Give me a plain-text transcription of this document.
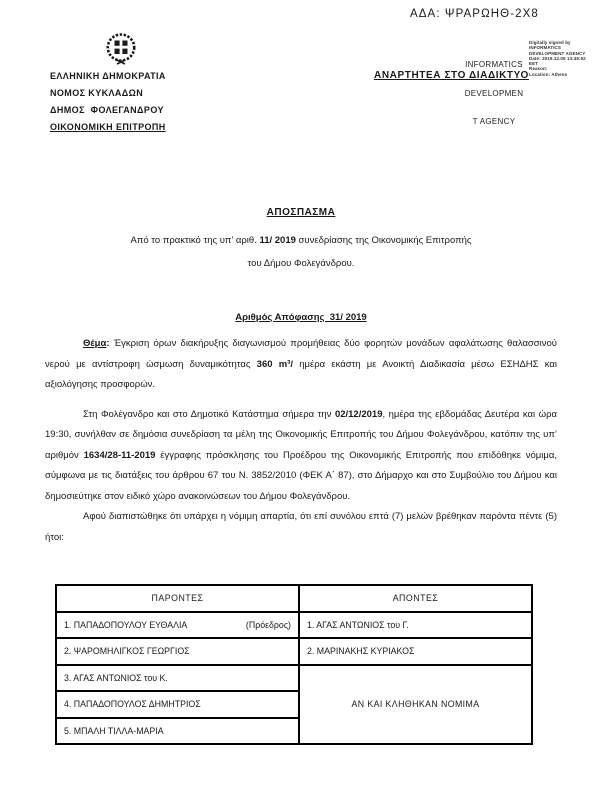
ΑΔΑ: ΨΡΑΡΩΗΘ-2Χ8
ΕΛΛΗΝΙΚΗ ΔΗΜΟΚΡΑΤΙΑ
ΝΟΜΟΣ ΚΥΚΛΑΔΩΝ
ΔΗΜΟΣ  ΦΟΛΕΓΑΝΔΡΟΥ
ΟΙΚΟΝΟΜΙΚΗ ΕΠΙΤΡΟΠΗ

INFORMATICS

DEVELOPMEN

T AGENCY

Digitally signed by
INFORMATICS
DEVELOPMENT AGENCY
Date: 2019.12.05 13:45:52
EET
Reason:
Location: Athens
ΑΝΑΡΤΗΤΕΑ ΣΤΟ ΔΙΑΔΙΚΤΥΟ
ΑΠΟΣΠΑΣΜΑ
Από το πρακτικό της υπ’ αριθ. 11/ 2019 συνεδρίασης της Οικονομικής Επιτροπής
του Δήμου Φολεγάνδρου.
Αριθμός Απόφασης  31/ 2019

Θέμα: Έγκριση όρων διακήρυξης διαγωνισμού προμήθειας δύο φορητών μονάδων αφαλάτωσης θαλασσινού νερού με αντίστροφη ώσμωση δυναμικότητας 360 m³/ ημέρα εκάστη με Ανοικτή Διαδικασία μέσω ΕΣΗΔΗΣ και αξιολόγησης προσφορών.

Στη Φολέγανδρο και στο Δημοτικό Κατάστημα σήμερα την 02/12/2019, ημέρα της εβδομάδας Δευτέρα και ώρα 19:30, συνήλθαν σε δημόσια συνεδρίαση τα μέλη της Οικονομικής Επιτροπής του Δήμου Φολεγάνδρου, κατόπιν της υπ’ αριθμόν 1634/28-11-2019 έγγραφης πρόσκλησης του Προέδρου της Οικονομικής Επιτροπής που επιδόθηκε νόμιμα, σύμφωνα με τις διατάξεις του άρθρου 67 του Ν. 3852/2010 (ΦΕΚ Α΄ 87), στο Δήμαρχο και στο Συμβούλιο του Δήμου και δημοσιεύτηκε στον ειδικό χώρο ανακοινώσεων του Δήμου Φολεγάνδρου.

Αφού διαπιστώθηκε ότι υπάρχει η νόμιμη απαρτία, ότι επί συνόλου επτά (7) μελών βρέθηκαν παρόντα πέντε (5) ήτοι:

ΠΑΡΟΝΤΕΣ	ΑΠΟΝΤΕΣ

1. ΠΑΠΑΔΟΠΟΥΛΟΥ ΕΥΘΑΛΙΑ (Πρόεδρος)	1. ΑΓΑΣ ΑΝΤΩΝΙΟΣ του Γ.
2. ΨΑΡΟΜΗΛΙΓΚΟΣ ΓΕΩΡΓΙΟΣ	2. ΜΑΡΙΝΑΚΗΣ ΚΥΡΙΑΚΟΣ
3. ΑΓΑΣ ΑΝΤΩΝΙΟΣ του Κ.	ΑΝ ΚΑΙ ΚΛΗΘΗΚΑΝ ΝΟΜΙΜΑ
4. ΠΑΠΑΔΟΠΟΥΛΟΣ ΔΗΜΗΤΡΙΟΣ	
5. ΜΠΑΛΗ ΤΙΛΛΑ-ΜΑΡΙΑ	
